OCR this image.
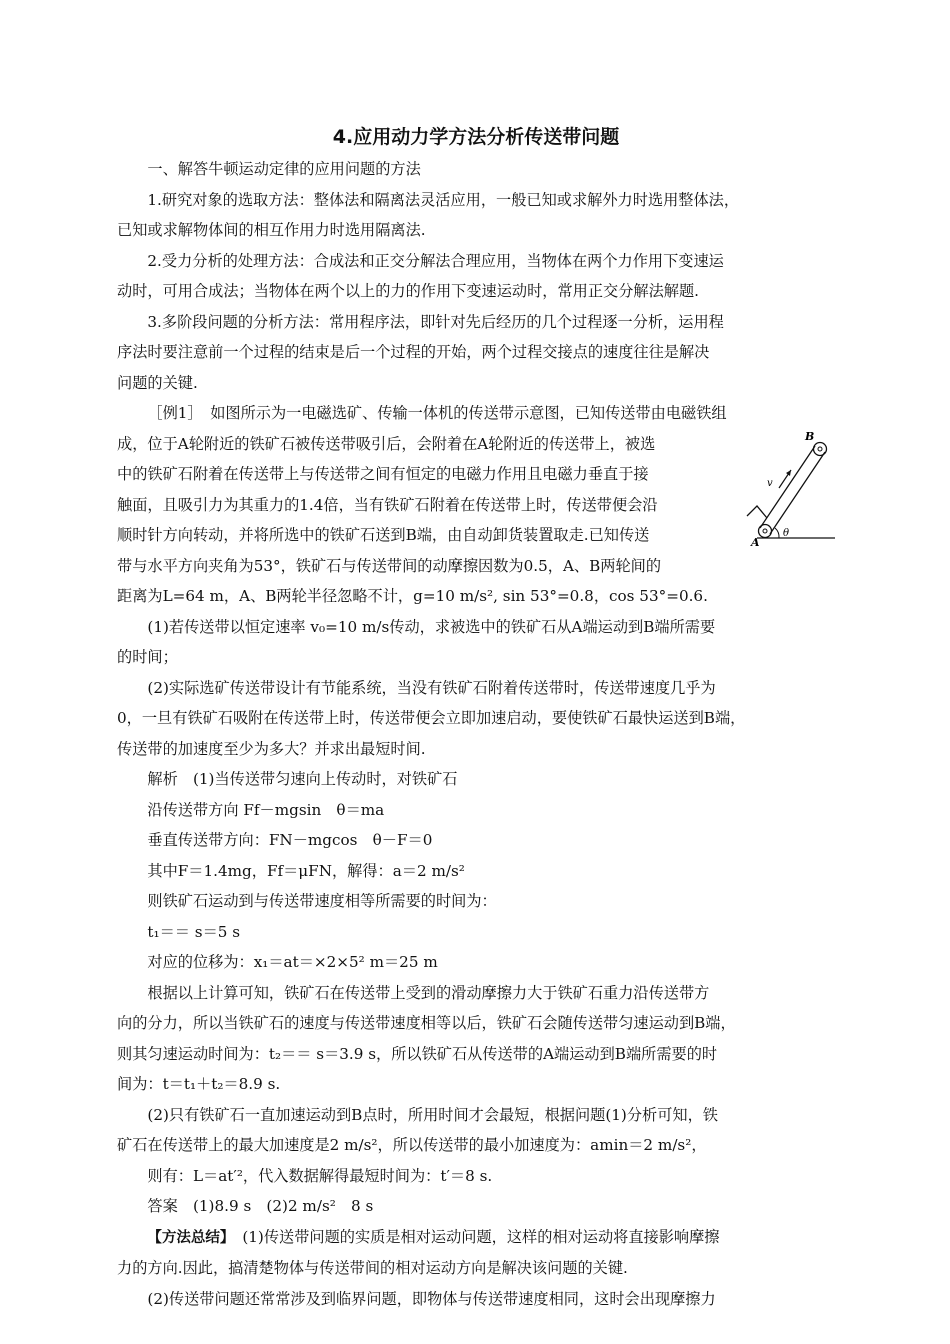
4.应用动力学方法分析传送带问题

一、解答牛顿运动定律的应用问题的方法

1.研究对象的选取方法：整体法和隔离法灵活应用，一般已知或求解外力时选用整体法，

已知或求解物体间的相互作用力时选用隔离法.

2.受力分析的处理方法：合成法和正交分解法合理应用，当物体在两个力作用下变速运

动时，可用合成法；当物体在两个以上的力的作用下变速运动时，常用正交分解法解题.

3.多阶段问题的分析方法：常用程序法，即针对先后经历的几个过程逐一分析，运用程

序法时要注意前一个过程的结束是后一个过程的开始，两个过程交接点的速度往往是解决

问题的关键.

［例1］　如图所示为一电磁选矿、传输一体机的传送带示意图，已知传送带由电磁铁组

成，位于A轮附近的铁矿石被传送带吸引后，会附着在A轮附近的传送带上，被选

中的铁矿石附着在传送带上与传送带之间有恒定的电磁力作用且电磁力垂直于接

触面，且吸引力为其重力的1.4倍，当有铁矿石附着在传送带上时，传送带便会沿

顺时针方向转动，并将所选中的铁矿石送到B端，由自动卸货装置取走.已知传送

带与水平方向夹角为53°，铁矿石与传送带间的动摩擦因数为0.5，A、B两轮间的

距离为L=64 m，A、B两轮半径忽略不计，g=10 m/s², sin 53°=0.8，cos 53°=0.6.

B
A
v
θ

(1)若传送带以恒定速率 v₀=10 m/s传动，求被选中的铁矿石从A端运动到B端所需要

的时间；

(2)实际选矿传送带设计有节能系统，当没有铁矿石附着传送带时，传送带速度几乎为

0，一旦有铁矿石吸附在传送带上时，传送带便会立即加速启动，要使铁矿石最快运送到B端，

传送带的加速度至少为多大？并求出最短时间.

解析　(1)当传送带匀速向上传动时，对铁矿石

沿传送带方向 Ff－mgsin　θ＝ma

垂直传送带方向：FN－mgcos　θ－F＝0

其中F＝1.4mg，Ff＝μFN，解得：a＝2 m/s²

则铁矿石运动到与传送带速度相等所需要的时间为：

t₁＝＝ s＝5 s

对应的位移为：x₁＝at＝×2×5² m＝25 m

根据以上计算可知，铁矿石在传送带上受到的滑动摩擦力大于铁矿石重力沿传送带方

向的分力，所以当铁矿石的速度与传送带速度相等以后，铁矿石会随传送带匀速运动到B端，

则其匀速运动时间为：t₂＝＝ s＝3.9 s，所以铁矿石从传送带的A端运动到B端所需要的时

间为：t＝t₁＋t₂＝8.9 s.

(2)只有铁矿石一直加速运动到B点时，所用时间才会最短，根据问题(1)分析可知，铁

矿石在传送带上的最大加速度是2 m/s²，所以传送带的最小加速度为：amin＝2 m/s²，

则有：L＝at′²，代入数据解得最短时间为：t′＝8 s.

答案　(1)8.9 s　(2)2 m/s²　8 s

【方法总结】　(1)传送带问题的实质是相对运动问题，这样的相对运动将直接影响摩擦

力的方向.因此，搞清楚物体与传送带间的相对运动方向是解决该问题的关键.

(2)传送带问题还常常涉及到临界问题，即物体与传送带速度相同，这时会出现摩擦力
